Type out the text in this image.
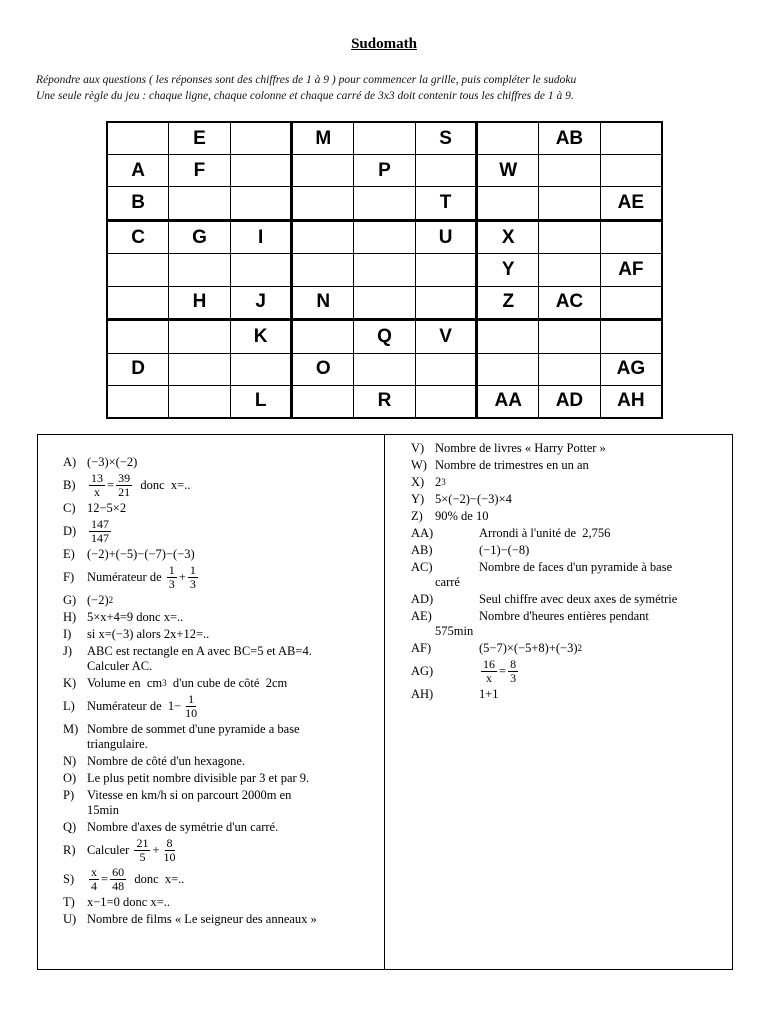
Sudomath
Répondre aux questions ( les réponses sont des chiffres de 1 à 9 ) pour commencer la grille, puis compléter le sudoku
Une seule règle du jeu : chaque ligne, chaque colonne et chaque carré de 3x3 doit contenir tous les chiffres de 1 à 9.
	E		M		S		AB	
A	F			P		W		
B					T			AE
C	G	I			U	X		
						Y		AF
	H	J	N			Z	AC	
		K		Q	V			
D			O					AG
		L		R		AA	AD	AH
A) (−3)×(−2)
B)	$\frac{13}{x} = \frac{39}{21}$ donc  x=..
C) 12−5×2
D)	$\frac{147}{147}$
E) (−2)+(−5)−(−7)−(−3)
F)	Numérateur de
$\frac{1}{3} + \frac{1}{3}$
G) (−2) 2
H) 5×x+4=9 donc x=..
I)	si x=(−3) alors 2x+12=..
J)	ABC est rectangle en A avec BC=5 et AB=4.
Calculer AC.
K) Volume en  cm 3 d'un cube de côté  2cm
L) Numérateur de  $1- \frac{1}{10}$
M) Nombre de sommet d'une pyramide a base
triangulaire.
N) Nombre de côté d'un hexagone.
O) Le plus petit nombre divisible par 3 et par 9.
P)	Vitesse en km/h si on parcourt 2000m en
15min
Q) Nombre d'axes de symétrie d'un carré.
R) Calculer
$\frac{21}{5} + \frac{8}{10}$
S)	$\frac{x}{4} = \frac{60}{48}$ donc  x=..
T) x−1=0 donc x=..
U) Nombre de films « Le seigneur des anneaux »
V) Nombre de livres « Harry Potter »
W) Nombre de trimestres en un an
X) 2 3
Y) 5×(−2)−(−3)×4
Z) 90% de 10
AA)	Arrondi à l'unité de  2,756
AB)	(−1)−(−8)
AC)	Nombre de faces d'un pyramide à base
carré
AD)	Seul chiffre avec deux axes de symétrie
AE)	Nombre d'heures entières pendant
575min
AF)	(5−7)×(−5+8)+(−3) 2
AG)	$\frac{16}{x} = \frac{8}{3}$
AH)	1+1
